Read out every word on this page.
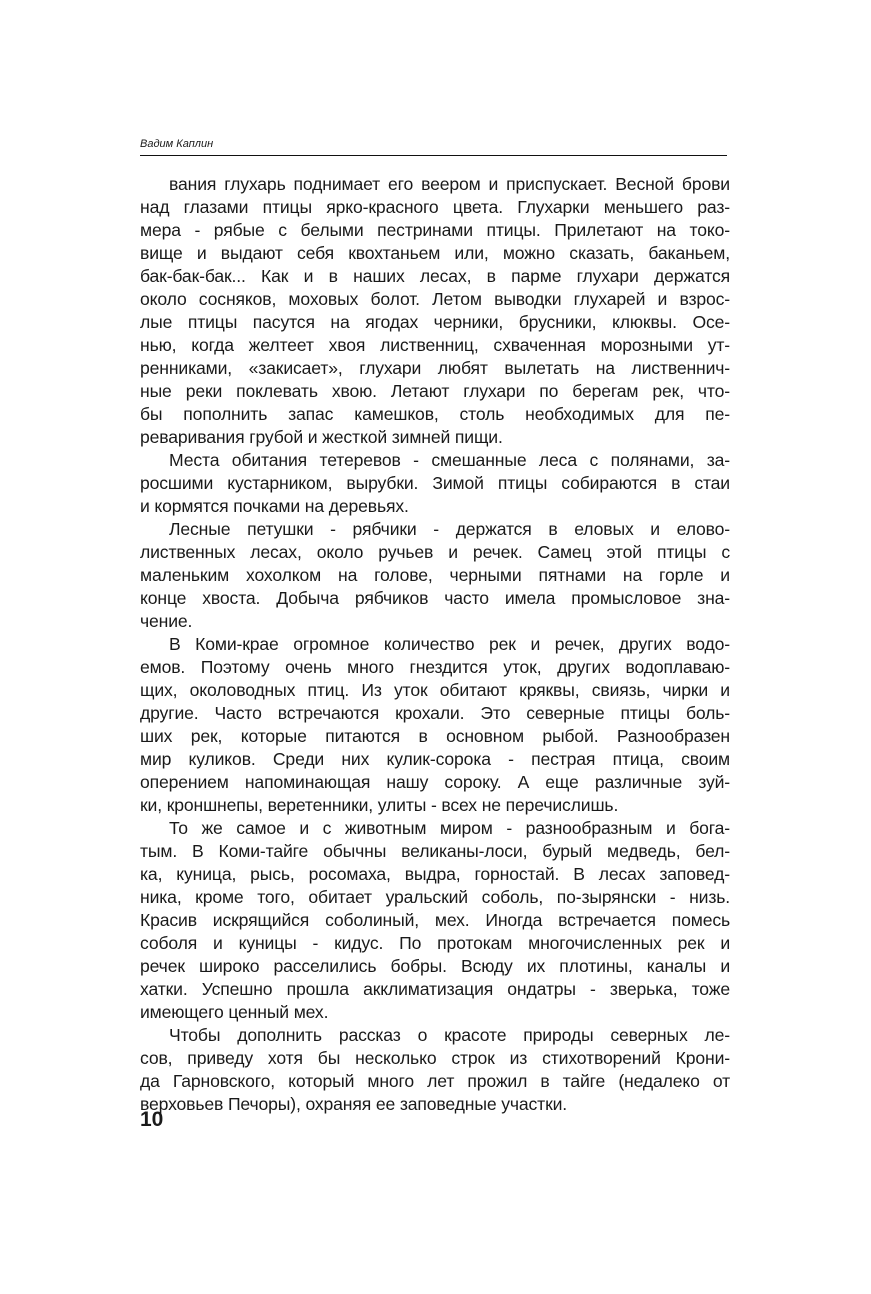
Вадим Каплин
вания глухарь поднимает его веером и приспускает. Весной брови
над глазами птицы ярко-красного цвета. Глухарки меньшего раз-
мера - рябые с белыми пестринами птицы. Прилетают на токо-
вище и выдают себя квохтаньем или, можно сказать, баканьем,
бак-бак-бак... Как и в наших лесах, в парме глухари держатся
около сосняков, моховых болот. Летом выводки глухарей и взрос-
лые птицы пасутся на ягодах черники, брусники, клюквы. Осе-
нью, когда желтеет хвоя лиственниц, схваченная морозными ут-
ренниками, «закисает», глухари любят вылетать на лиственнич-
ные реки поклевать хвою. Летают глухари по берегам рек, что-
бы пополнить запас камешков, столь необходимых для пе-
реваривания грубой и жесткой зимней пищи.
Места обитания тетеревов - смешанные леса с полянами, за-
росшими кустарником, вырубки. Зимой птицы собираются в стаи
и кормятся почками на деревьях.
Лесные петушки - рябчики - держатся в еловых и елово-
лиственных лесах, около ручьев и речек. Самец этой птицы с
маленьким хохолком на голове, черными пятнами на горле и
конце хвоста. Добыча рябчиков часто имела промысловое зна-
чение.
В Коми-крае огромное количество рек и речек, других водо-
емов. Поэтому очень много гнездится уток, других водоплаваю-
щих, околоводных птиц. Из уток обитают кряквы, свиязь, чирки и
другие. Часто встречаются крохали. Это северные птицы боль-
ших рек, которые питаются в основном рыбой. Разнообразен
мир куликов. Среди них кулик-сорока - пестрая птица, своим
оперением напоминающая нашу сороку. А еще различные зуй-
ки, кроншнепы, веретенники, улиты - всех не перечислишь.
То же самое и с животным миром - разнообразным и бога-
тым. В Коми-тайге обычны великаны-лоси, бурый медведь, бел-
ка, куница, рысь, росомаха, выдра, горностай. В лесах заповед-
ника, кроме того, обитает уральский соболь, по-зырянски - низь.
Красив искрящийся соболиный, мех. Иногда встречается помесь
соболя и куницы - кидус. По протокам многочисленных рек и
речек широко расселились бобры. Всюду их плотины, каналы и
хатки. Успешно прошла акклиматизация ондатры - зверька, тоже
имеющего ценный мех.
Чтобы дополнить рассказ о красоте природы северных ле-
сов, приведу хотя бы несколько строк из стихотворений Крони-
да Гарновского, который много лет прожил в тайге (недалеко от
верховьев Печоры), охраняя ее заповедные участки.
10
